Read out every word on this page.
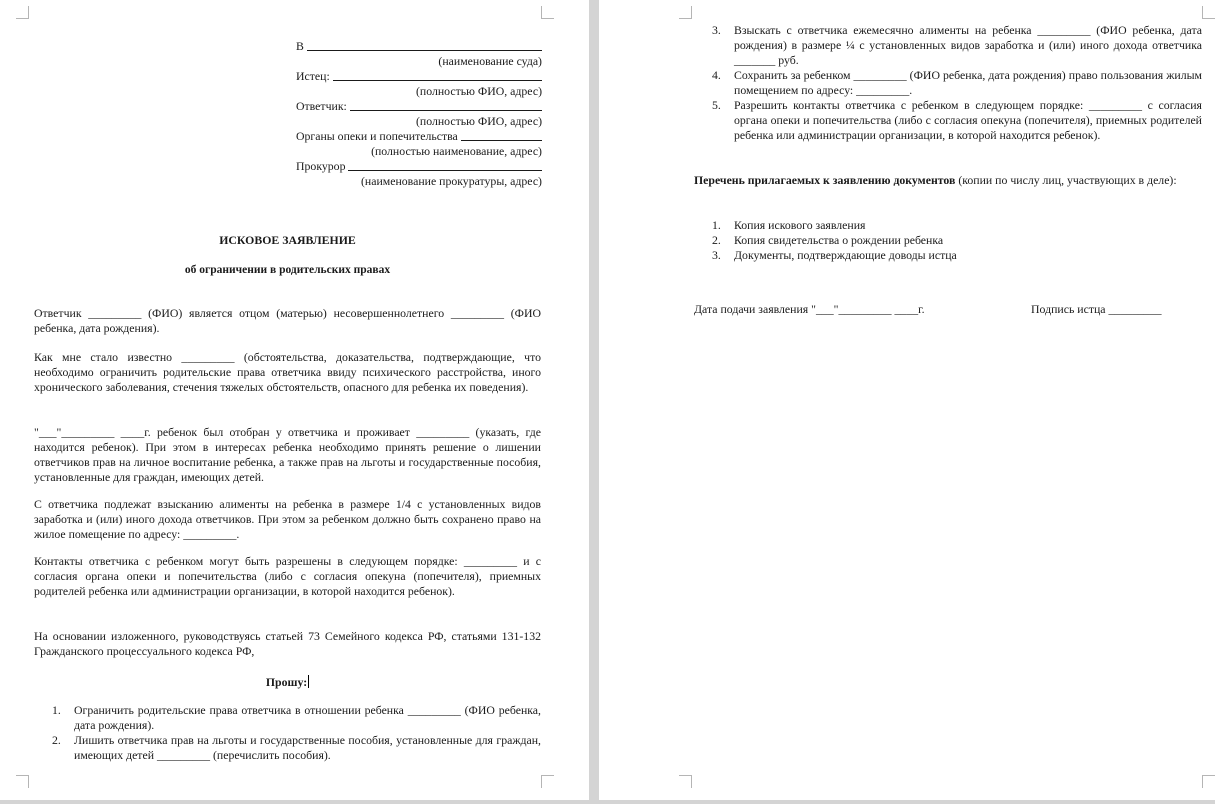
В
(наименование суда)
Истец:
(полностью ФИО, адрес)
Ответчик:
(полностью ФИО, адрес)
Органы опеки и попечительства
(полностью наименование, адрес)
Прокурор
(наименование прокуратуры, адрес)
ИСКОВОЕ ЗАЯВЛЕНИЕ
об ограничении в родительских правах
Ответчик _________ (ФИО) является отцом (матерью) несовершеннолетнего _________ (ФИО ребенка, дата рождения).
Как мне стало известно _________ (обстоятельства, доказательства, подтверждающие, что необходимо ограничить родительские права ответчика ввиду психического расстройства, иного хронического заболевания, стечения тяжелых обстоятельств, опасного для ребенка их поведения).
"___"_________ ____г. ребенок был отобран у ответчика и проживает _________ (указать, где находится ребенок). При этом в интересах ребенка необходимо принять решение о лишении ответчиков прав на личное воспитание ребенка, а также прав на льготы и государственные пособия, установленные для граждан, имеющих детей.
С ответчика подлежат взысканию алименты на ребенка в размере 1/4 с установленных видов заработка и (или) иного дохода ответчиков. При этом за ребенком должно быть сохранено право на жилое помещение по адресу: _________.
Контакты ответчика с ребенком могут быть разрешены в следующем порядке: _________ и с согласия органа опеки и попечительства (либо с согласия опекуна (попечителя), приемных родителей ребенка или администрации организации, в которой находится ребенок).
На основании изложенного, руководствуясь статьей 73 Семейного кодекса РФ, статьями 131-132 Гражданского процессуального кодекса РФ,
Прошу:
1. Ограничить родительские права ответчика в отношении ребенка _________ (ФИО ребенка, дата рождения).
2. Лишить ответчика прав на льготы и государственные пособия, установленные для граждан, имеющих детей _________ (перечислить пособия).
3. Взыскать с ответчика ежемесячно алименты на ребенка _________ (ФИО ребенка, дата рождения) в размере ¼ с установленных видов заработка и (или) иного дохода ответчика _______ руб.
4. Сохранить за ребенком _________ (ФИО ребенка, дата рождения) право пользования жилым помещением по адресу: _________.
5. Разрешить контакты ответчика с ребенком в следующем порядке: _________ с согласия органа опеки и попечительства (либо с согласия опекуна (попечителя), приемных родителей ребенка или администрации организации, в которой находится ребенок).
Перечень прилагаемых к заявлению документов (копии по числу лиц, участвующих в деле):
1. Копия искового заявления
2. Копия свидетельства о рождении ребенка
3. Документы, подтверждающие доводы истца
Дата подачи заявления "___"_________ ____г.	Подпись истца _________
